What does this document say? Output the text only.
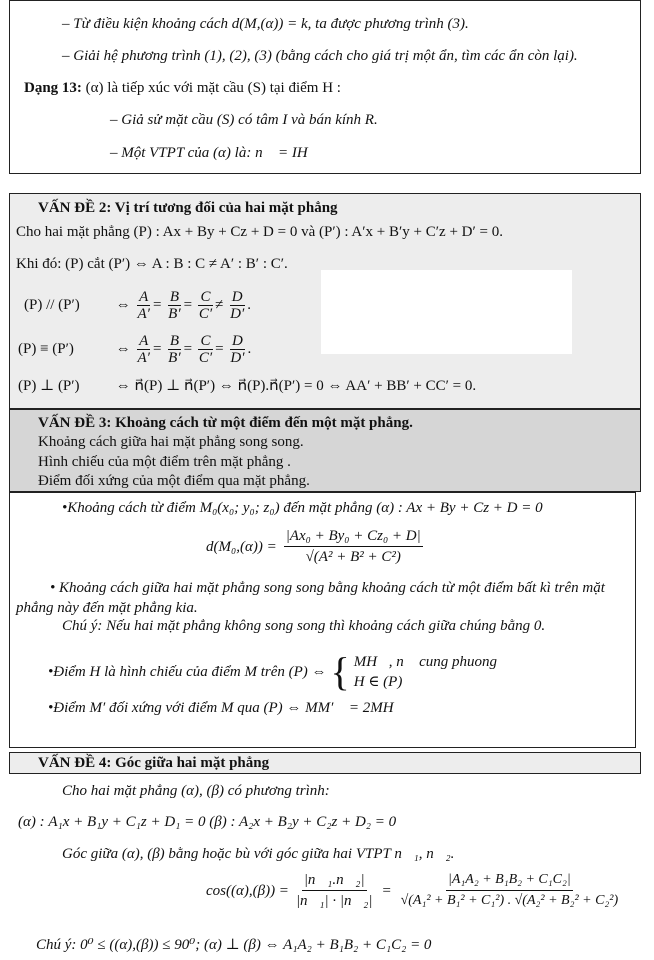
– Từ điều kiện khoảng cách d(M,(α)) = k, ta được phương trình (3).
– Giải hệ phương trình (1), (2), (3) (bằng cách cho giá trị một ẩn, tìm các ẩn còn lại).
Dạng 13: (α) là tiếp xúc với mặt cầu (S) tại điểm H :
– Giả sử mặt cầu (S) có tâm I và bán kính R.
– Một VTPT của (α) là: n⃗ = IH⃗
VẤN ĐỀ 2: Vị trí tương đối của hai mặt phẳng
Cho hai mặt phẳng (P) : Ax + By + Cz + D = 0 và (P′) : A′x + B′y + C′z + D′ = 0.
Khi đó: (P) cắt (P′) ⇔ A : B : C ≠ A′ : B′ : C′.
(P) // (P′) ⇔ $\frac{A}{A'} = \frac{B}{B'} = \frac{C}{C'} \ne \frac{D}{D'}$ .
(P) ≡ (P′)	⇔ $\frac{A}{A'} = \frac{B}{B'} = \frac{C}{C'} = \frac{D}{D'}$ .
(P) ⊥ (P′) ⇔ n⃗(P) ⊥ n⃗(P′) ⇔ n⃗(P).n⃗(P′) = 0 ⇔ AA′ + BB′ + CC′ = 0.
VẤN ĐỀ 3: Khoảng cách từ một điểm đến một mặt phẳng.
Khoảng cách giữa hai mặt phẳng song song.
Hình chiếu của một điểm trên mặt phẳng .
Điểm đối xứng của một điểm qua mặt phẳng.
•Khoảng cách từ điểm M₀(x₀; y₀; z₀) đến mặt phẳng (α) : Ax + By + Cz + D = 0
$d(M_0,(\alpha)) = \frac{\text{|Ax₀ + By₀ + Cz₀ + D|}}{\text{√(A² + B² + C²)}}$
• Khoảng cách giữa hai mặt phẳng song song bằng khoảng cách từ một điểm bất kì trên mặt
phẳng này đến mặt phẳng kia.
Chú ý: Nếu hai mặt phẳng không song song thì khoảng cách giữa chúng bằng 0.
•Điểm H là hình chiếu của điểm M trên (P) ⇔ { MH⃗, n⃗ cung phuong
H ∈ (P)
•Điểm M′ đối xứng với điểm M qua (P) ⇔ MM′⃗ = 2MH⃗
VẤN ĐỀ 4: Góc giữa hai mặt phẳng
Cho hai mặt phẳng (α), (β) có phương trình:
(α) : A₁x + B₁y + C₁z + D₁ = 0 (β) : A₂x + B₂y + C₂z + D₂ = 0
Góc giữa (α), (β) bằng hoặc bù với góc giữa hai VTPT n⃗₁, n⃗₂.
$\cos((\alpha),(\beta)) = \frac{\text{|n⃗₁.n⃗₂|}}{\text{|n⃗₁| · |n⃗₂|}} = \frac{\text{|A₁A₂ + B₁B₂ + C₁C₂|}}{\text{√(A₁² + B₁² + C₁²) . √(A₂² + B₂² + C₂²)}}$
Chú ý: 0⁰ ≤ ((α),(β)) ≤ 90⁰; (α) ⊥ (β) ⇔ A₁A₂ + B₁B₂ + C₁C₂ = 0
